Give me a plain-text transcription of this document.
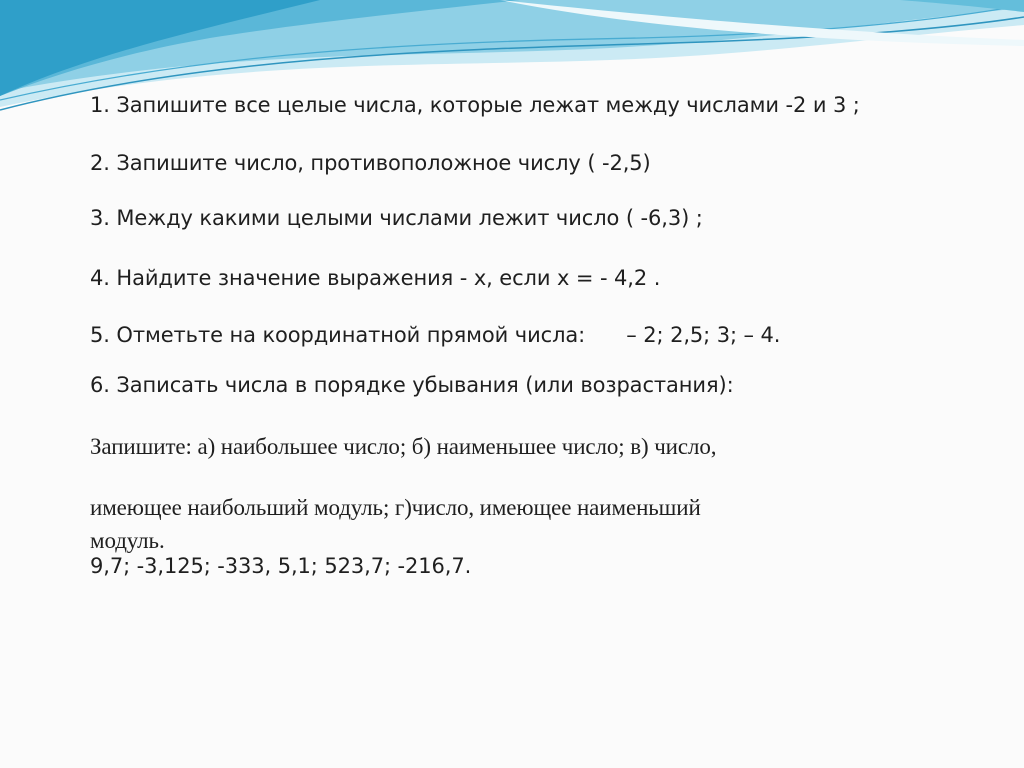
1. Запишите все целые числа, которые лежат между числами -2 и 3 ;
2. Запишите число, противоположное числу ( -2,5)
3. Между какими целыми числами лежит число ( -6,3) ;
4. Найдите значение выражения - х, если х = - 4,2 .
5. Отметьте на координатной прямой числа: – 2; 2,5; 3; – 4.
6. Записать числа в порядке убывания (или возрастания):
Запишите: а) наибольшее число; б) наименьшее число; в) число,
имеющее наибольший модуль; г)число, имеющее наименьший
модуль.
9,7; -3,125; -333, 5,1; 523,7; -216,7.
